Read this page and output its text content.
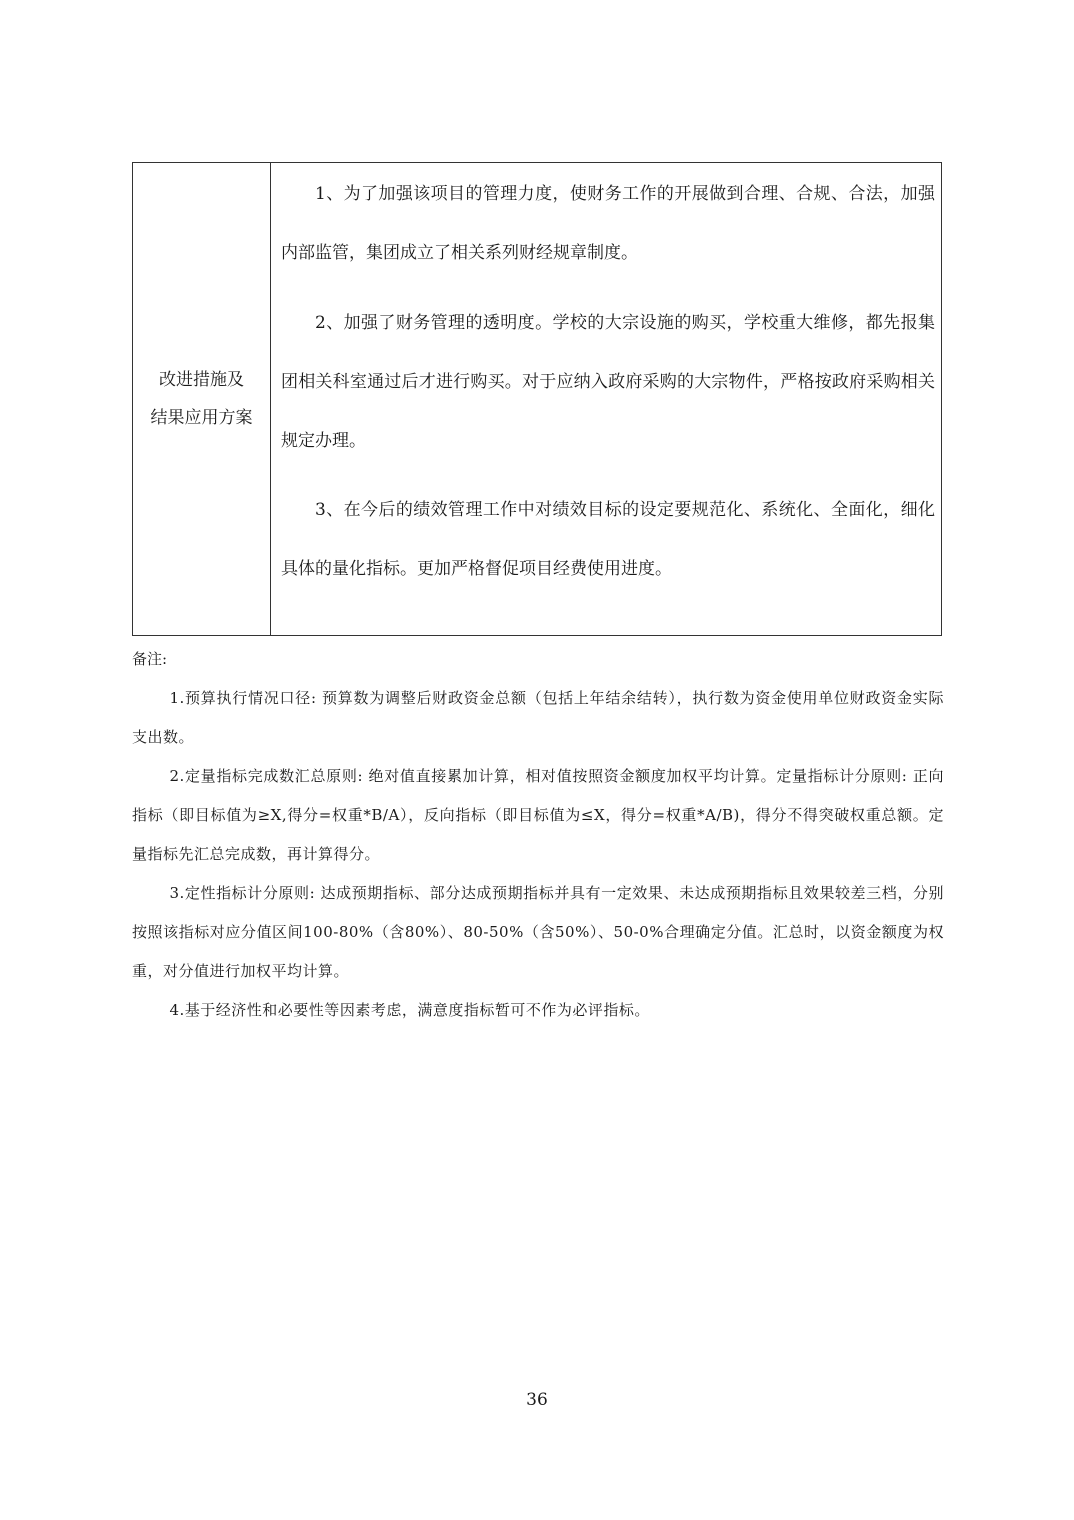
改进措施及
结果应用方案

1、为了加强该项目的管理力度，使财务工作的开展做到合理、合规、合法，加强内部监管，集团成立了相关系列财经规章制度。

2、加强了财务管理的透明度。学校的大宗设施的购买，学校重大维修，都先报集团相关科室通过后才进行购买。对于应纳入政府采购的大宗物件，严格按政府采购相关规定办理。

3、在今后的绩效管理工作中对绩效目标的设定要规范化、系统化、全面化，细化具体的量化指标。更加严格督促项目经费使用进度。

备注:

1.预算执行情况口径: 预算数为调整后财政资金总额（包括上年结余结转），执行数为资金使用单位财政资金实际支出数。

2.定量指标完成数汇总原则: 绝对值直接累加计算，相对值按照资金额度加权平均计算。定量指标计分原则: 正向指标（即目标值为≥X,得分=权重*B/A），反向指标（即目标值为≤X，得分=权重*A/B)，得分不得突破权重总额。定量指标先汇总完成数，再计算得分。

3.定性指标计分原则: 达成预期指标、部分达成预期指标并具有一定效果、未达成预期指标且效果较差三档，分别按照该指标对应分值区间100-80%（含80%）、80-50%（含50%）、50-0%合理确定分值。汇总时，以资金额度为权重，对分值进行加权平均计算。

4.基于经济性和必要性等因素考虑，满意度指标暂可不作为必评指标。

36
